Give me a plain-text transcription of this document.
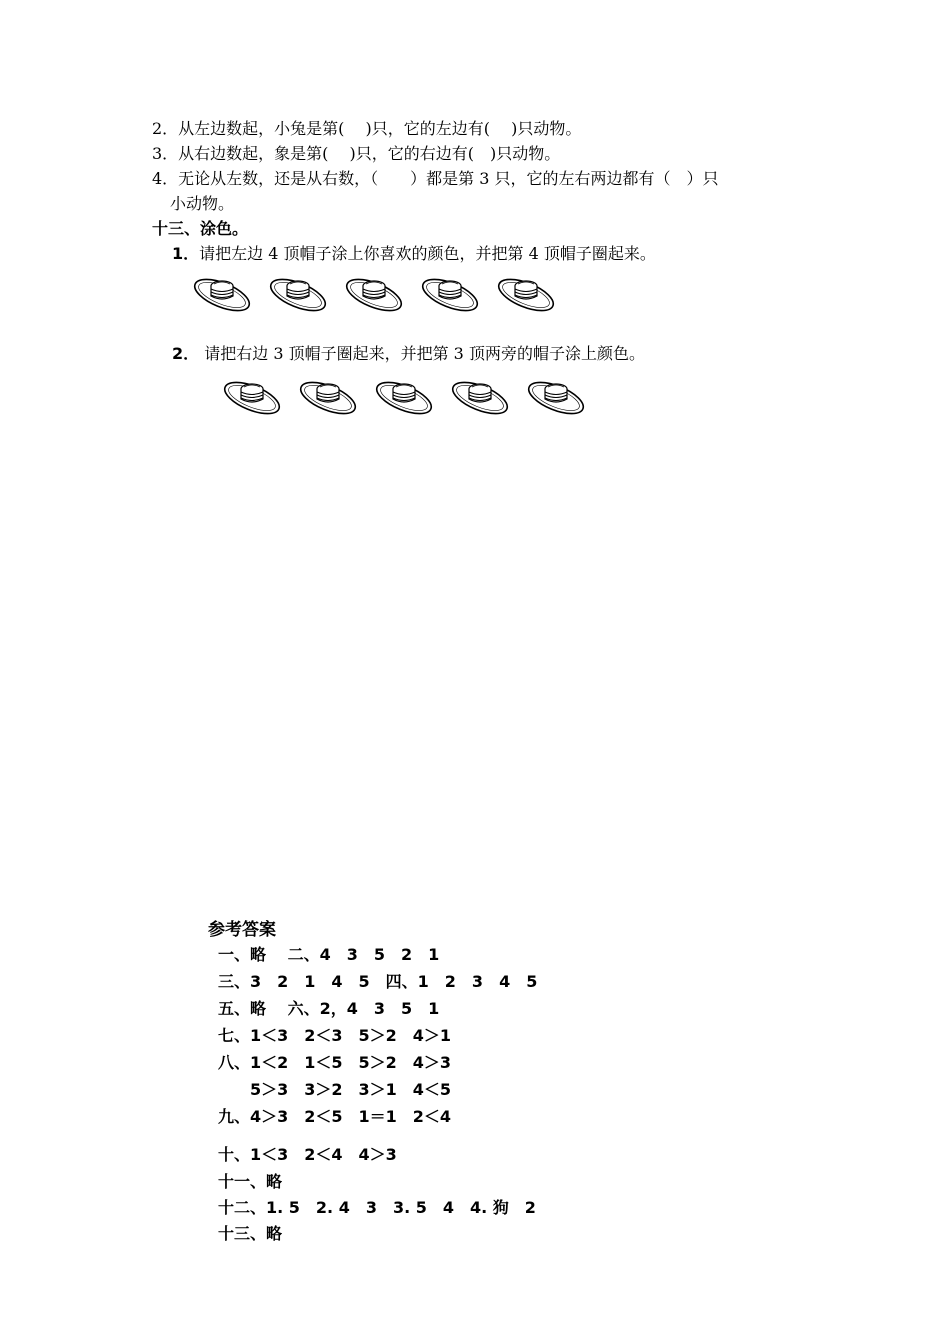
2．从左边数起，小兔是第(　 )只，它的左边有(　 )只动物。
3．从右边数起，象是第(　 )只，它的右边有(　)只动物。
4．无论从左数，还是从右数，（　　）都是第 3 只，它的左右两边都有（　）只
小动物。
十三、涂色。
1．请把左边 4 顶帽子涂上你喜欢的颜色，并把第 4 顶帽子圈起来。
2． 请把右边 3 顶帽子圈起来，并把第 3 顶两旁的帽子涂上颜色。
参考答案
一、略　 二、4　3　5　2　1
三、3　2　1　4　5　四、1　2　3　4　5
五、略　 六、2，4　3　5　1
七、1＜3　2＜3　5＞2　4＞1
八、1＜2　1＜5　5＞2　4＞3
　　5＞3　3＞2　3＞1　4＜5
九、4＞3　2＜5　1＝1　2＜4
十、1＜3　2＜4　4＞3
十一、略
十二、1. 5　2. 4　3　3. 5　4　4. 狗　2
十三、略
